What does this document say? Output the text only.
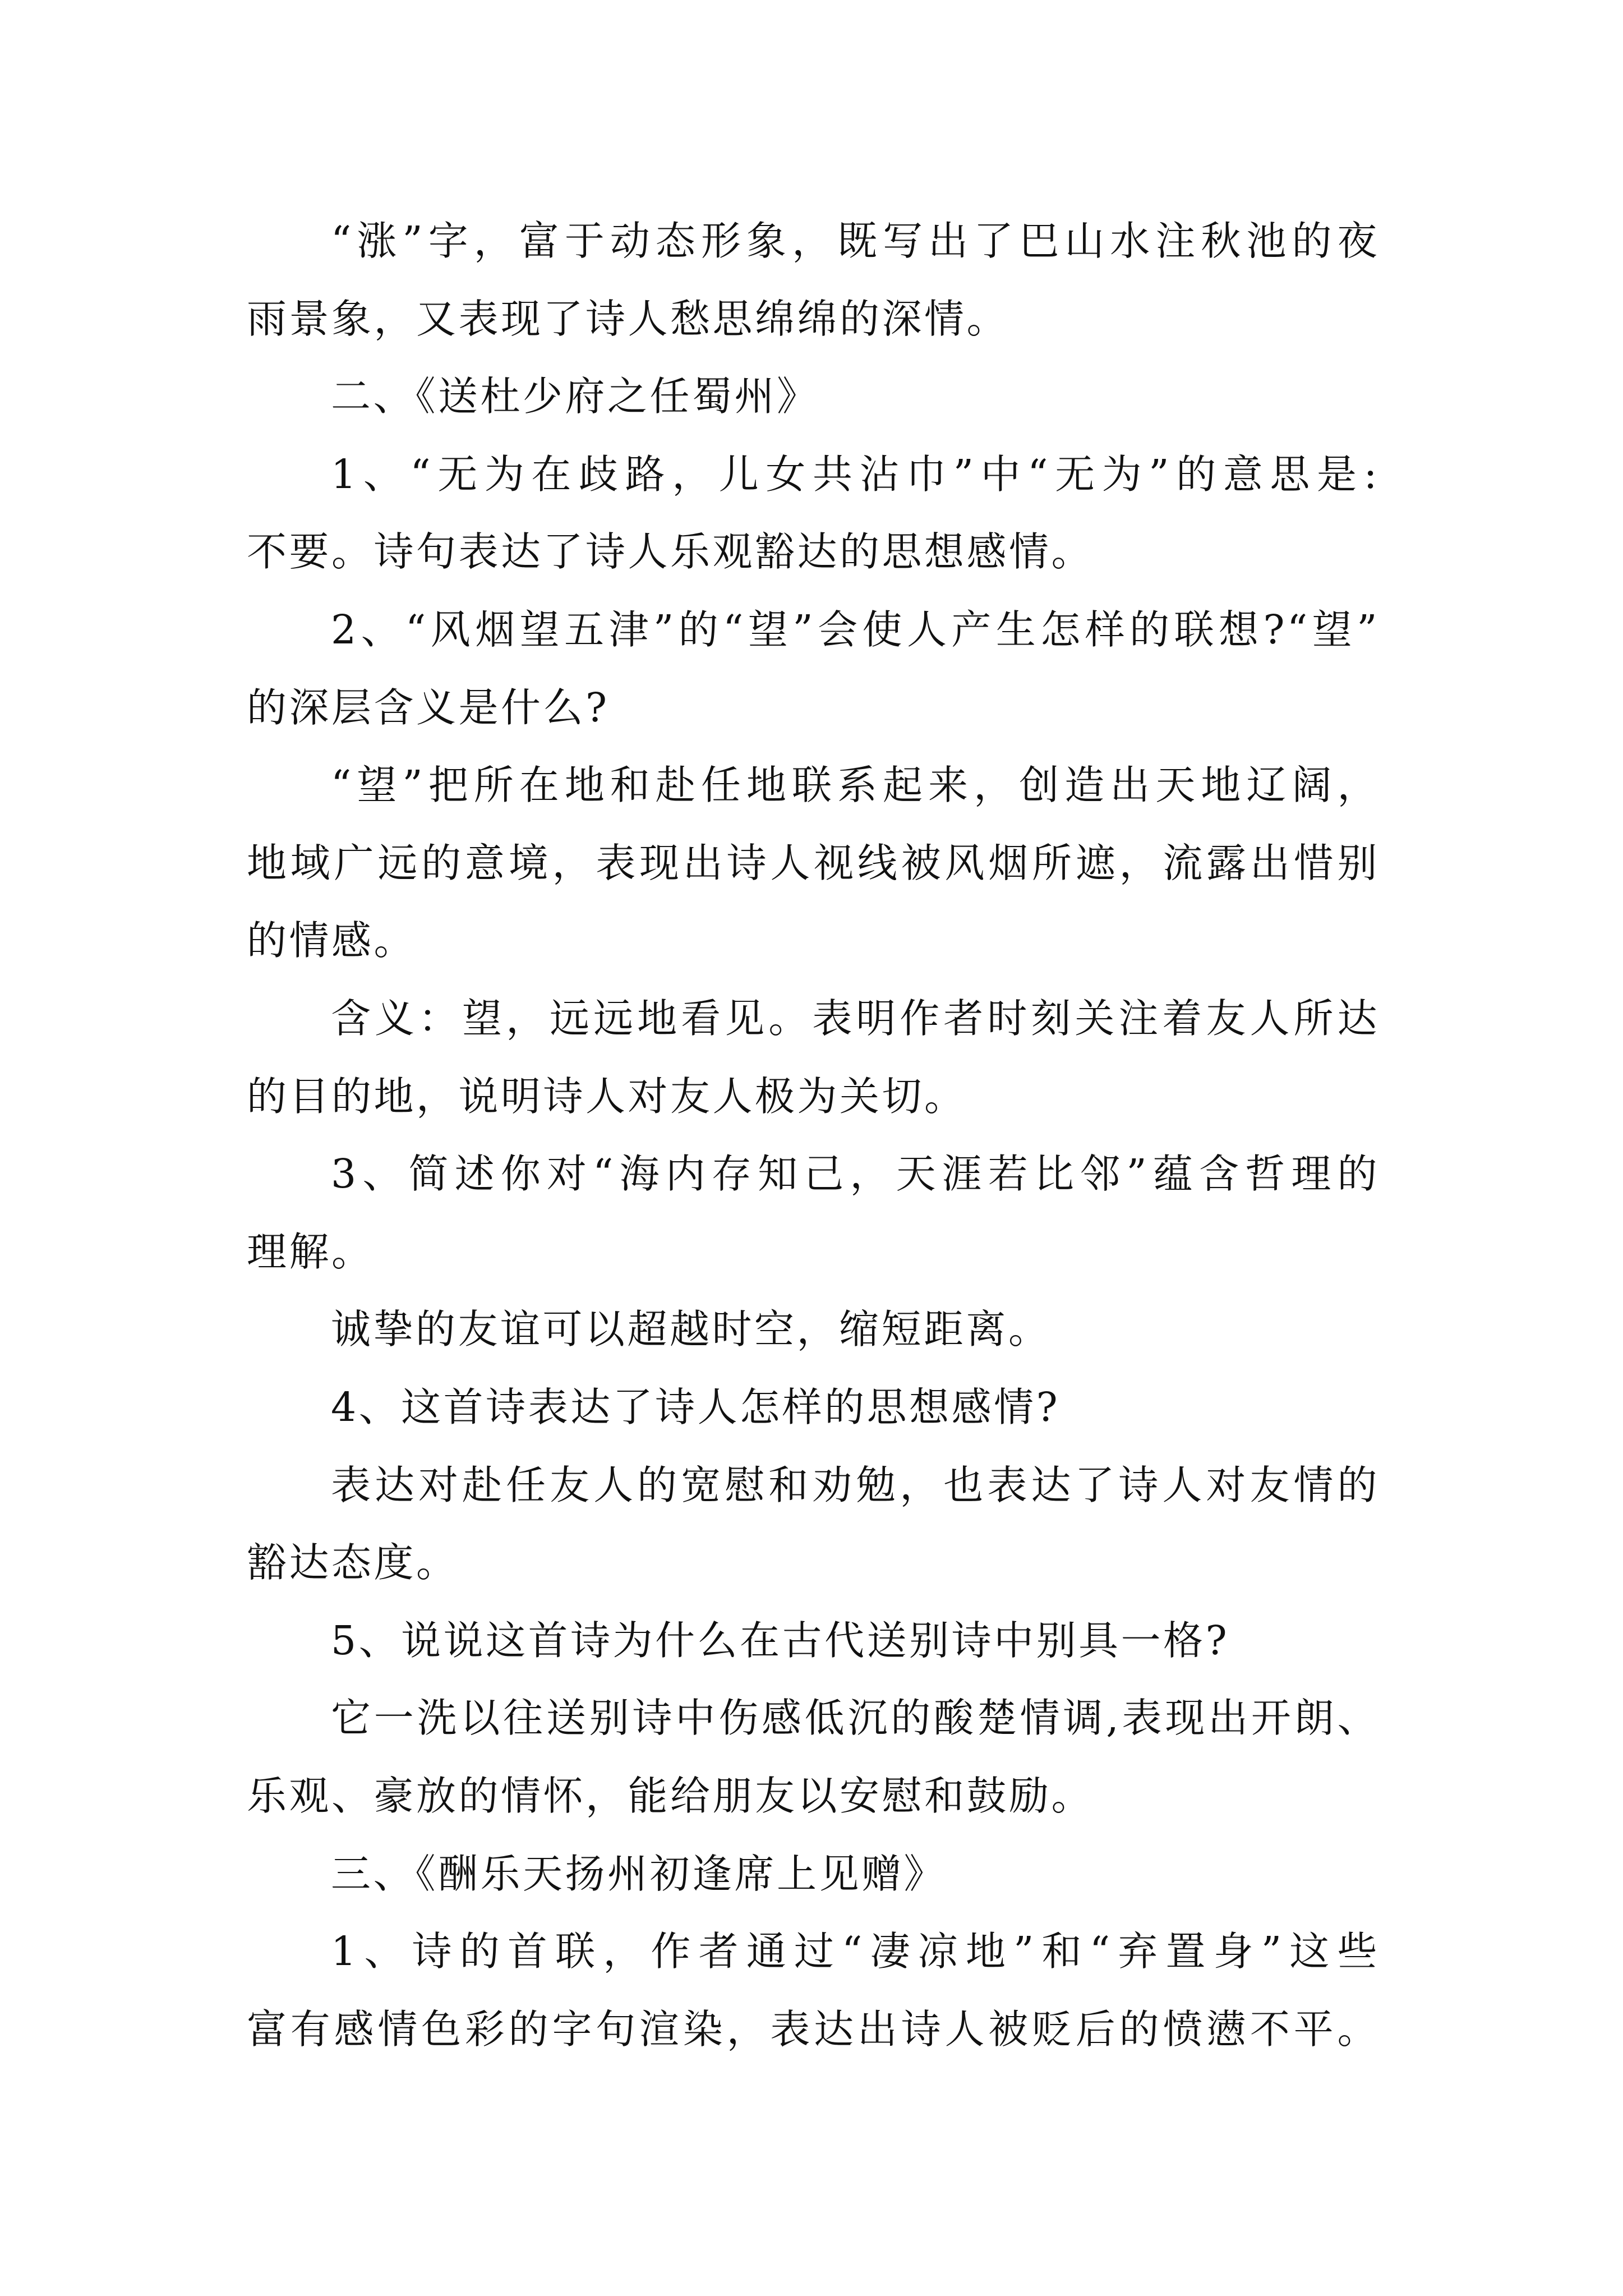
“涨”字，富于动态形象，既写出了巴山水注秋池的夜
雨景象，又表现了诗人愁思绵绵的深情。
二、《送杜少府之任蜀州》
1、“无为在歧路，儿女共沾巾”中“无为”的意思是:
不要。诗句表达了诗人乐观豁达的思想感情。
2、“风烟望五津”的“望”会使人产生怎样的联想?“望”
的深层含义是什么?
“望”把所在地和赴任地联系起来，创造出天地辽阔，
地域广远的意境，表现出诗人视线被风烟所遮，流露出惜别
的情感。
含义：望，远远地看见。表明作者时刻关注着友人所达
的目的地，说明诗人对友人极为关切。
3、简述你对“海内存知己，天涯若比邻”蕴含哲理的
理解。
诚挚的友谊可以超越时空，缩短距离。
4、这首诗表达了诗人怎样的思想感情?
表达对赴任友人的宽慰和劝勉，也表达了诗人对友情的
豁达态度。
5、说说这首诗为什么在古代送别诗中别具一格?
它一洗以往送别诗中伤感低沉的酸楚情调,表现出开朗、
乐观、豪放的情怀，能给朋友以安慰和鼓励。
三、《酬乐天扬州初逢席上见赠》
1、诗的首联，作者通过“凄凉地”和“弃置身”这些
富有感情色彩的字句渲染，表达出诗人被贬后的愤懑不平。
